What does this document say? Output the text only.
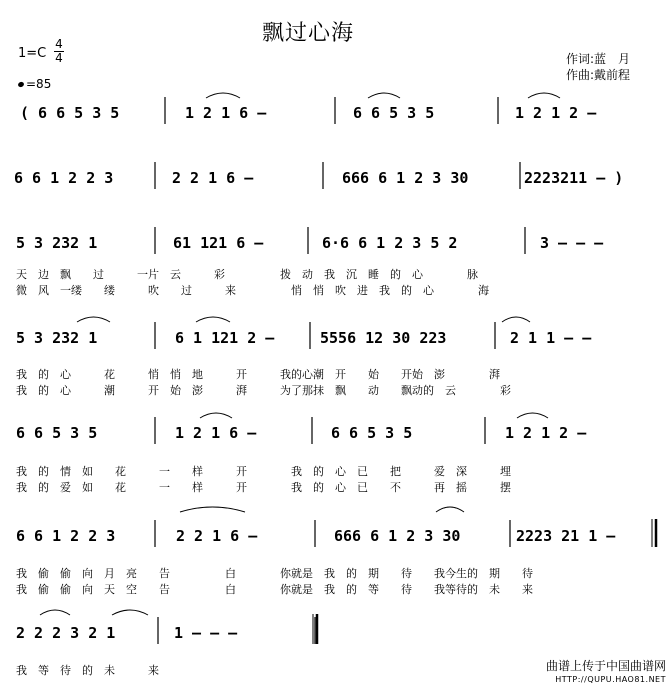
飘过心海
$1=C \frac{4}{4}$
=85
作词:蓝　月
作曲:戴前程
( 6 6 5 3 5	1 2 1 6 –	6 6 5 3 5	1 2 1 2 –
6 6 1 2 2 3	2 2 1 6 –	666 6 1 2 3 30	2223211 – )
5 3 232 1	61 121 6 –	6·6 6 1 2 3 5 2	3 – – –
5 3 232 1	6 1 121 2 –	5556 12 30 223	2 1 1 – –
6 6 5 3 5	1 2 1 6 –	6 6 5 3 5	1 2 1 2 –
6 6 1 2 2 3	2 2 1 6 –	666 6 1 2 3 30	2223 21 1 –
2 2 2 3 2 1	1 – – –
天　边　飘　　过　　　一片　云　　　彩　　　　　拨　动　我　沉　睡　的　心　　　　脉
微　风　一缕　　缕　　　吹　　过　　　来　　　　　悄　悄　吹　进　我　的　心　　　　海
我　的　心　　　花　　　悄　悄　地　　　开　　　我的心潮　开　　始　　开始　澎　　　　湃
我　的　心　　　潮　　　开　始　澎　　　湃　　　为了那抹　飘　　动　　飘动的　云　　　　彩
我　的　情　如　　花　　　一　　样　　　开　　　　我　的　心　已　　把　　　爱　深　　　埋
我　的　爱　如　　花　　　一　　样　　　开　　　　我　的　心　已　　不　　　再　摇　　　摆
我　偷　偷　向　月　亮　　告　　　　　白　　　　你就是　我　的　期　　待　　我今生的　期　　待
我　偷　偷　向　天　空　　告　　　　　白　　　　你就是　我　的　等　　待　　我等待的　未　　来
我　等　待　的　未　　　来	曲谱上传于中国曲谱网
HTTP://QUPU.HAO81.NET
